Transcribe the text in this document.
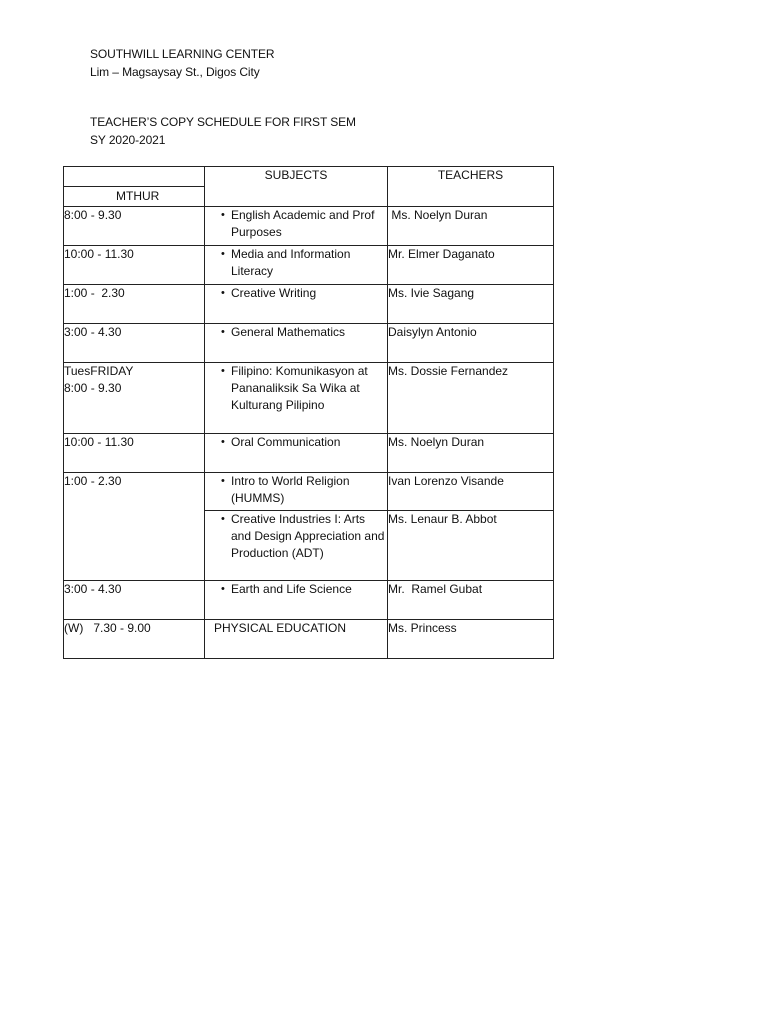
SOUTHWILL LEARNING CENTER
Lim – Magsaysay St., Digos City
TEACHER’S COPY SCHEDULE FOR FIRST SEM
SY 2020-2021
	SUBJECTS	TEACHERS
MTHUR		
8:00 - 9.30	• English Academic and Prof Purposes	Ms. Noelyn Duran
10:00 - 11.30	• Media and Information Literacy	Mr. Elmer Daganato
1:00 -  2.30	• Creative Writing	Ms. Ivie Sagang
3:00 - 4.30	• General Mathematics	Daisylyn Antonio
TuesFRIDAY
8:00 - 9.30	• Filipino: Komunikasyon at Pananaliksik Sa Wika at Kulturang Pilipino	Ms. Dossie Fernandez
10:00 - 11.30	• Oral Communication	Ms. Noelyn Duran
1:00 - 2.30	• Intro to World Religion (HUMMS)	Ivan Lorenzo Visande

	• Creative Industries I: Arts and Design Appreciation and Production (ADT)	Ms. Lenaur B. Abbot
3:00 - 4.30	• Earth and Life Science	Mr.  Ramel Gubat
(W)   7.30 - 9.00	PHYSICAL EDUCATION	Ms. Princess
